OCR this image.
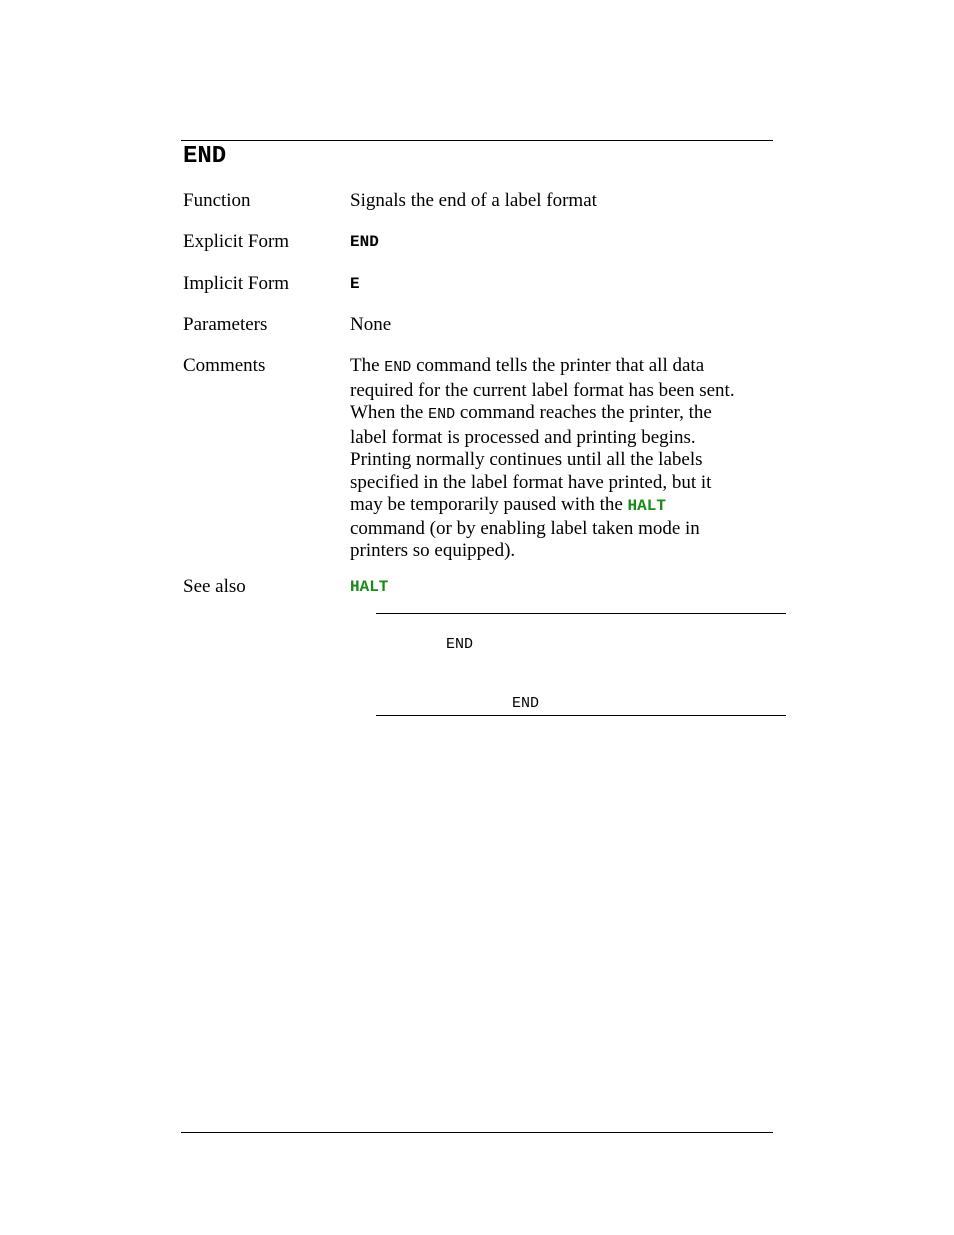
END
Function	Signals the end of a label format
Explicit Form	END
Implicit Form	E
Parameters	None
Comments	The END command tells the printer that all data
required for the current label format has been sent.
When the END command reaches the printer, the
label format is processed and printing begins.
Printing normally continues until all the labels
specified in the label format have printed, but it
may be temporarily paused with the HALT
command (or by enabling label taken mode in
printers so equipped).
See also	HALT
END
END
